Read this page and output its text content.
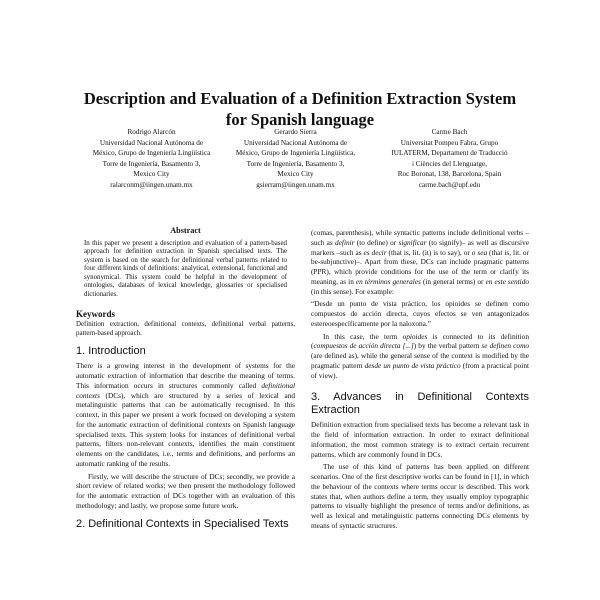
Description and Evaluation of a Definition Extraction System
for Spanish language
Rodrigo Alarcón
Universidad Nacional Autónoma de
México, Grupo de Ingeniería Lingüística
Torre de Ingeniería, Basamento 3,
Mexico City
ralarconm@iingen.unam.mx
Gerardo Sierra
Universidad Nacional Autónoma de
México, Grupo de Ingeniería Lingüística,
Torre de Ingeniería, Basamento 3,
Mexico City
gsierram@iingen.unam.mx
Carme Bach
Universitat Pompeu Fabra, Grupo
IULATERM, Departament de Traducció
i Ciències del Llenguatge,
Roc Boronat, 138, Barcelona, Spain
carme.bach@upf.edu
Abstract
In this paper we present a description and evaluation of a pattern-based approach for definition extraction in Spanish specialised texts. The system is based on the search for definitional verbal patterns related to four different kinds of definitions: analytical, extensional, functional and synonymical. This system could be helpful in the development of ontologies, databases of lexical knowledge, glossaries or specialised dictionaries.
Keywords
Definition extraction, definitional contexts, definitional verbal patterns, pattern-based approach.
1. Introduction

There is a growing interest in the development of systems for the automatic extraction of information that describe the meaning of terms. This information occurs in structures commonly called definitional contexts (DCs), which are structured by a series of lexical and metalinguistic patterns that can be automatically recognised. In this context, in this paper we present a work focused on developing a system for the automatic extraction of definitional contexts on Spanish language specialised texts. This system looks for instances of definitional verbal patterns, filters non-relevant contexts, identifies the main constituent elements on the candidates, i.e., terms and definitions, and performs an automatic ranking of the results.

Firstly, we will describe the structure of DCs; secondly, we provide a short review of related works; we then present the methodology followed for the automatic extraction of DCs together with an evaluation of this methodology; and lastly, we propose some future work.

2. Definitional Contexts in Specialised Texts

(comas, parenthesis), while syntactic patterns include definitional verbs –such as definir (to define) or significar (to signify)– as well as discursive markers –such as es decir (that is, lit. (it) is to say), or o sea (that is, lit. or be-subjunctive)–. Apart from these, DCs can include pragmatic patterns (PPR), which provide conditions for the use of the term or clarify its meaning, as in en términos generales (in general terms) or en este sentido (in this sense). For example:

“Desde un punto de vista práctico, los opioides se definen como compuestos de acción directa, cuyos efectos se ven antagonizados estereoespecíficamente por la naloxona.”

In this case, the term opioides is connected to its definition (compuestos de acción directa [...]) by the verbal pattern se definen como (are defined as), while the general sense of the context is modified by the pragmatic pattern desde un punto de vista práctico (from a practical point of view).

3. Advances in Definitional Contexts Extraction

Definition extraction from specialised texts has become a relevant task in the field of information extraction. In order to extract definitional information, the most common strategy is to extract certain recurrent patterns, which are commonly found in DCs.

The use of this kind of patterns has been applied on different scenarios. One of the first descriptive works can be found in [1], in which the behaviour of the contexts where terms occur is described. This work states that, when authors define a term, they usually employ typographic patterns to visually highlight the presence of terms and/or definitions, as well as lexical and metalinguistic patterns connecting DCs elements by means of syntactic structures.
